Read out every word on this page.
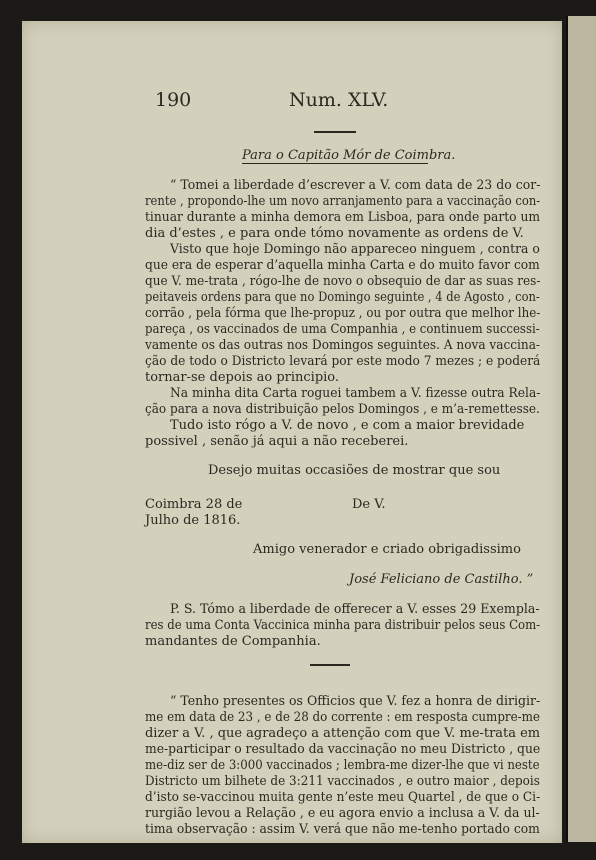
190	Num. XLV.
Para o Capitão Mór de Coimbra.
“ Tomei a liberdade d’escrever a V. com data de 23 do cor-
rente , propondo-lhe um novo arranjamento para a vaccinação con-
tinuar durante a minha demora em Lisboa, para onde parto um
dia d’estes , e para onde tómo novamente as ordens de V.
Visto que hoje Domingo não appareceo ninguem , contra o
que era de esperar d’aquella minha Carta e do muito favor com
que V. me-trata , rógo-lhe de novo o obsequio de dar as suas res-
peitaveis ordens para que no Domingo seguinte , 4 de Agosto , con-
corrão , pela fórma que lhe-propuz , ou por outra que melhor lhe-
pareça , os vaccinados de uma Companhia , e continuem successi-
vamente os das outras nos Domingos seguintes. A nova vaccina-
ção de todo o Districto levará por este modo 7 mezes ; e poderá
tornar-se depois ao principio.
Na minha dita Carta roguei tambem a V. fizesse outra Rela-
ção para a nova distribuição pelos Domingos , e m’a-remettesse.
Tudo isto rógo a V. de novo , e com a maior brevidade
possivel , senão já aqui a não receberei.
Desejo muitas occasiões de mostrar que sou
Coimbra 28 de	De V.
Julho de 1816.
Amigo venerador e criado obrigadissimo
José Feliciano de Castilho. ”
P. S. Tómo a liberdade de offerecer a V. esses 29 Exempla-
res de uma Conta Vaccinica minha para distribuir pelos seus Com-
mandantes de Companhia.
“ Tenho presentes os Officios que V. fez a honra de dirigir-
me em data de 23 , e de 28 do corrente : em resposta cumpre-me
dizer a V. , que agradeço a attenção com que V. me-trata em
me-participar o resultado da vaccinação no meu Districto , que
me-diz ser de 3:000 vaccinados ; lembra-me dizer-lhe que vi neste
Districto um bilhete de 3:211 vaccinados , e outro maior , depois
d’isto se-vaccinou muita gente n’este meu Quartel , de que o Ci-
rurgião levou a Relação , e eu agora envio a inclusa a V. da ul-
tima observação : assim V. verá que não me-tenho portado com
